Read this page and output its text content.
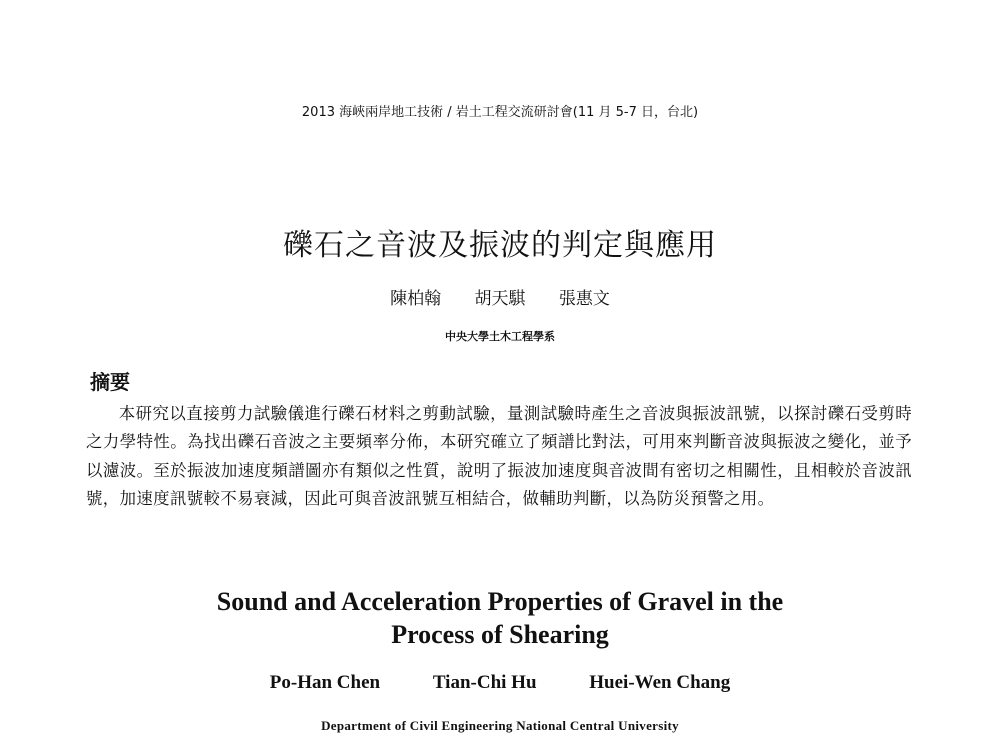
2013 海峽兩岸地工技術 / 岩土工程交流研討會(11 月 5-7 日，台北)
礫石之音波及振波的判定與應用
陳柏翰 胡天騏 張惠文
中央大學土木工程學系
摘要

本研究以直接剪力試驗儀進行礫石材料之剪動試驗，量測試驗時產生之音波與振波訊號，以探討礫石受剪時之力學特性。為找出礫石音波之主要頻率分佈，本研究確立了頻譜比對法，可用來判斷音波與振波之變化，並予以濾波。至於振波加速度頻譜圖亦有類似之性質，說明了振波加速度與音波間有密切之相關性，且相較於音波訊號，加速度訊號較不易衰減，因此可與音波訊號互相結合，做輔助判斷，以為防災預警之用。

Sound and Acceleration Properties of Gravel in the
Process of Shearing
Po-Han Chen	Tian-Chi Hu	Huei-Wen Chang
Department of Civil Engineering National Central University
